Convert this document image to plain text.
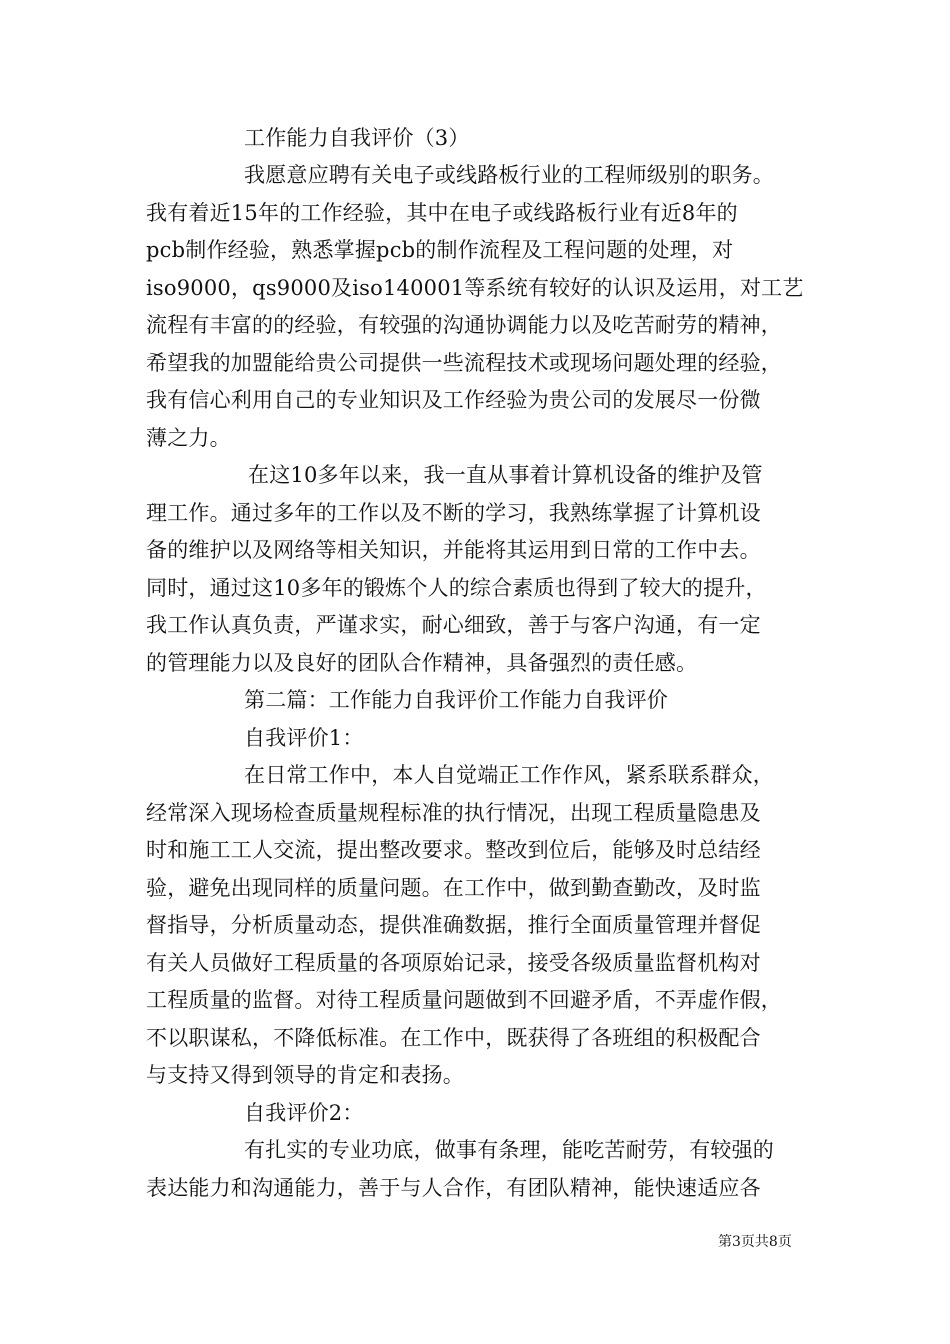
工作能力自我评价（3）
我愿意应聘有关电子或线路板行业的工程师级别的职务。
我有着近15年的工作经验，其中在电子或线路板行业有近8年的
pcb制作经验，熟悉掌握pcb的制作流程及工程问题的处理，对
iso9000，qs9000及iso140001等系统有较好的认识及运用，对工艺
流程有丰富的的经验，有较强的沟通协调能力以及吃苦耐劳的精神，
希望我的加盟能给贵公司提供一些流程技术或现场问题处理的经验，
我有信心利用自己的专业知识及工作经验为贵公司的发展尽一份微
薄之力。
在这10多年以来，我一直从事着计算机设备的维护及管
理工作。通过多年的工作以及不断的学习，我熟练掌握了计算机设
备的维护以及网络等相关知识，并能将其运用到日常的工作中去。
同时，通过这10多年的锻炼个人的综合素质也得到了较大的提升，
我工作认真负责，严谨求实，耐心细致，善于与客户沟通，有一定
的管理能力以及良好的团队合作精神，具备强烈的责任感。
第二篇：工作能力自我评价工作能力自我评价
自我评价1：
在日常工作中，本人自觉端正工作作风，紧系联系群众，
经常深入现场检查质量规程标准的执行情况，出现工程质量隐患及
时和施工工人交流，提出整改要求。整改到位后，能够及时总结经
验，避免出现同样的质量问题。在工作中，做到勤查勤改，及时监
督指导，分析质量动态，提供准确数据，推行全面质量管理并督促
有关人员做好工程质量的各项原始记录，接受各级质量监督机构对
工程质量的监督。对待工程质量问题做到不回避矛盾，不弄虚作假，
不以职谋私，不降低标准。在工作中，既获得了各班组的积极配合
与支持又得到领导的肯定和表扬。
自我评价2：
有扎实的专业功底，做事有条理，能吃苦耐劳，有较强的
表达能力和沟通能力，善于与人合作，有团队精神，能快速适应各
第3页共8页
